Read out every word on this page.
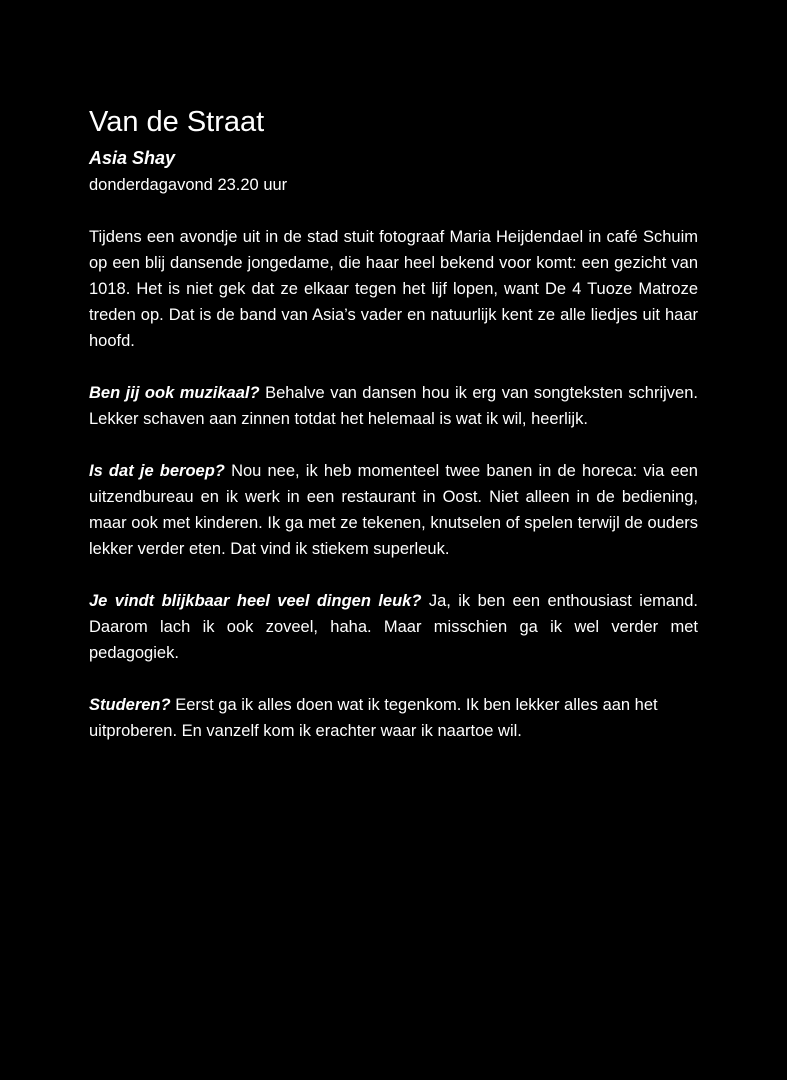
Van de Straat

Asia Shay

donderdagavond 23.20 uur

Tijdens een avondje uit in de stad stuit fotograaf Maria Heijdendael in café Schuim op een blij dansende jongedame, die haar heel bekend voor komt: een gezicht van 1018. Het is niet gek dat ze elkaar tegen het lijf lopen, want De 4 Tuoze Matroze treden op. Dat is de band van Asia’s vader en natuurlijk kent ze alle liedjes uit haar hoofd.

Ben jij ook muzikaal? Behalve van dansen hou ik erg van songteksten schrijven. Lekker schaven aan zinnen totdat het helemaal is wat ik wil, heerlijk.

Is dat je beroep? Nou nee, ik heb momenteel twee banen in de horeca: via een uitzendbureau en ik werk in een restaurant in Oost. Niet alleen in de bediening, maar ook met kinderen. Ik ga met ze tekenen, knutselen of spelen terwijl de ouders lekker verder eten. Dat vind ik stiekem superleuk.

Je vindt blijkbaar heel veel dingen leuk? Ja, ik ben een enthousiast iemand. Daarom lach ik ook zoveel, haha. Maar misschien ga ik wel verder met pedagogiek.

Studeren? Eerst ga ik alles doen wat ik tegenkom. Ik ben lekker alles aan het uitproberen. En vanzelf kom ik erachter waar ik naartoe wil.
